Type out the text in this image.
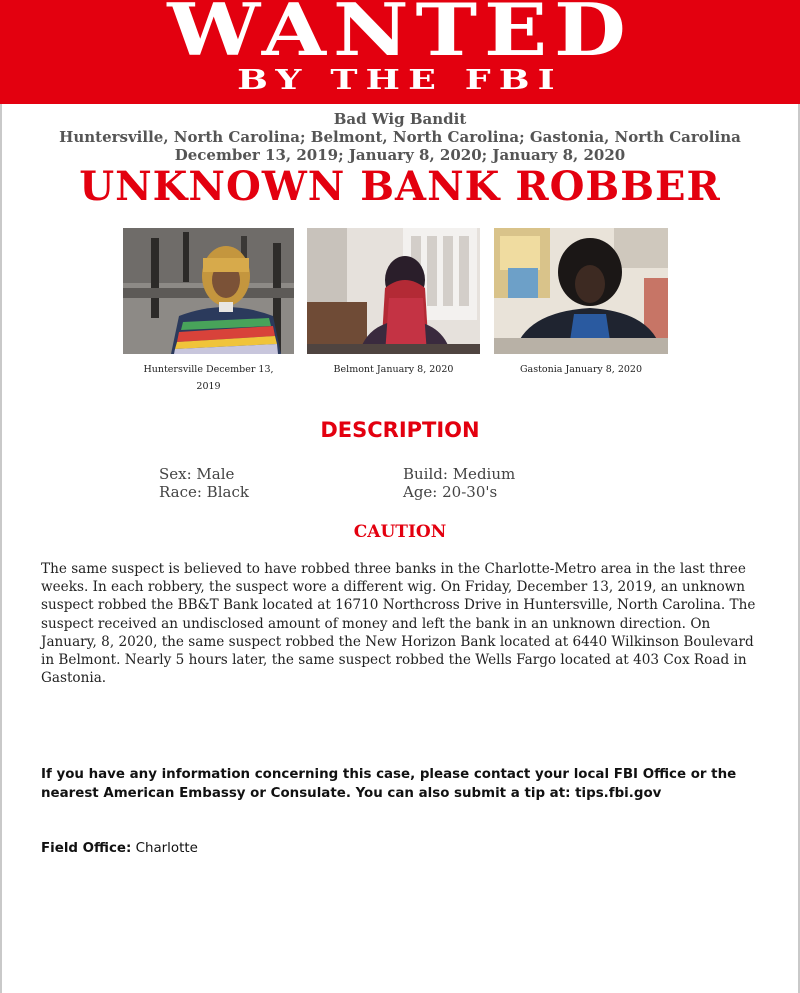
WANTED
BY THE FBI
Bad Wig Bandit
Huntersville, North Carolina; Belmont, North Carolina; Gastonia, North Carolina
December 13, 2019; January 8, 2020; January 8, 2020
UNKNOWN BANK ROBBER
Huntersville December 13,
2019
Belmont January 8, 2020	Gastonia January 8, 2020
DESCRIPTION
Sex: Male
Race: Black
Build: Medium
Age: 20-30's
CAUTION
The same suspect is believed to have robbed three banks in the Charlotte-Metro area in the last three weeks. In each robbery, the suspect wore a different wig. On Friday, December 13, 2019, an unknown suspect robbed the BB&T Bank located at 16710 Northcross Drive in Huntersville, North Carolina. The suspect received an undisclosed amount of money and left the bank in an unknown direction. On January, 8, 2020, the same suspect robbed the New Horizon Bank located at 6440 Wilkinson Boulevard in Belmont. Nearly 5 hours later, the same suspect robbed the Wells Fargo located at 403 Cox Road in Gastonia.
If you have any information concerning this case, please contact your local FBI Office or the nearest American Embassy or Consulate. You can also submit a tip at: tips.fbi.gov
Field Office: Charlotte
